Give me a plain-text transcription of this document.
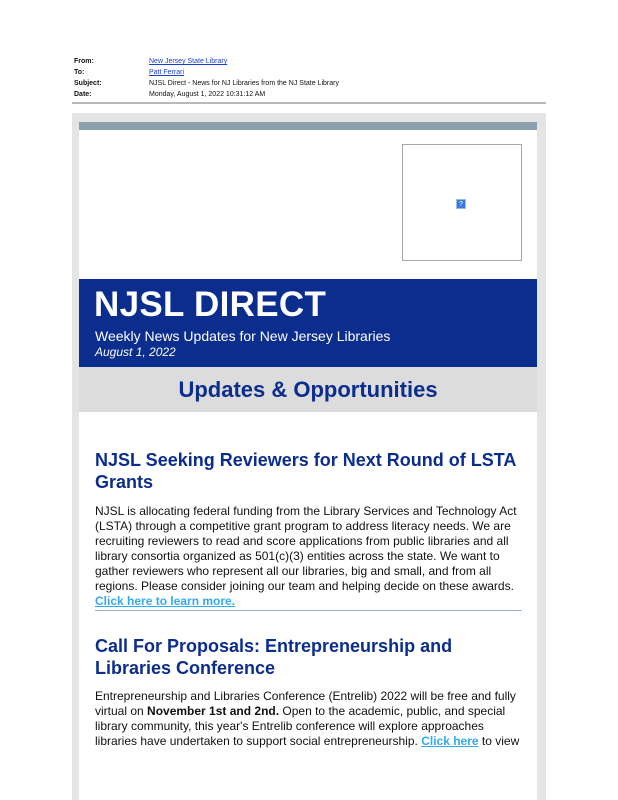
From:	New Jersey State Library
To:	Patt Ferrari
Subject:	NJSL Direct - News for NJ Libraries from the NJ State Library
Date:	Monday, August 1, 2022 10:31:12 AM
?
NJSL DIRECT
Weekly News Updates for New Jersey Libraries
August 1, 2022
Updates & Opportunities
NJSL Seeking Reviewers for Next Round of LSTA Grants
NJSL is allocating federal funding from the Library Services and Technology Act (LSTA) through a competitive grant program to address literacy needs. We are recruiting reviewers to read and score applications from public libraries and all library consortia organized as 501(c)(3) entities across the state. We want to gather reviewers who represent all our libraries, big and small, and from all regions. Please consider joining our team and helping decide on these awards. Click here to learn more.
Call For Proposals: Entrepreneurship and Libraries Conference
Entrepreneurship and Libraries Conference (Entrelib) 2022 will be free and fully virtual on November 1st and 2nd. Open to the academic, public, and special library community, this year's Entrelib conference will explore approaches libraries have undertaken to support social entrepreneurship. Click here to view
